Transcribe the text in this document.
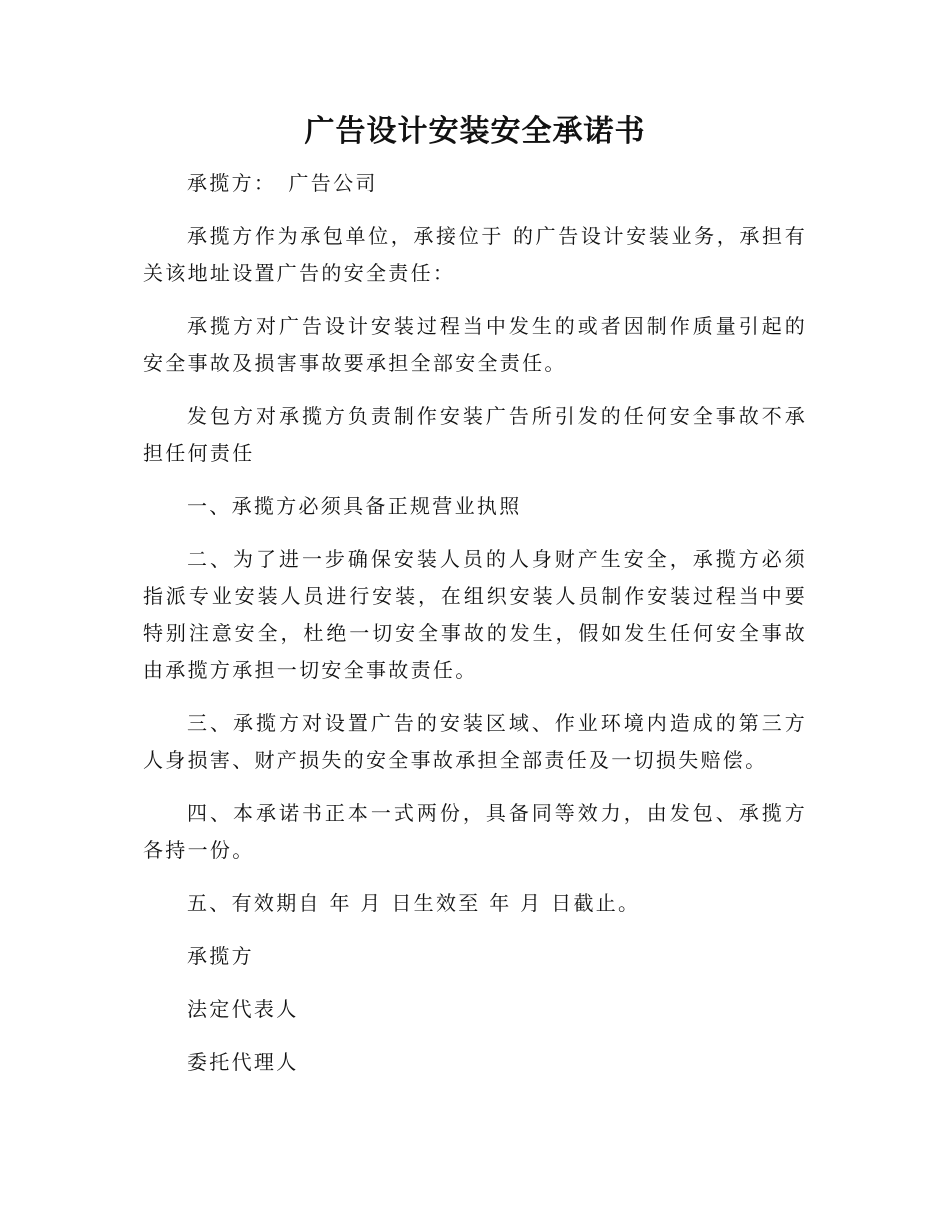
广告设计安装安全承诺书

承揽方：　广告公司

承揽方作为承包单位，承接位于 的广告设计安装业务，承担有关该地址设置广告的安全责任：

承揽方对广告设计安装过程当中发生的或者因制作质量引起的安全事故及损害事故要承担全部安全责任。

发包方对承揽方负责制作安装广告所引发的任何安全事故不承担任何责任

一、承揽方必须具备正规营业执照

二、为了进一步确保安装人员的人身财产生安全，承揽方必须指派专业安装人员进行安装，在组织安装人员制作安装过程当中要特别注意安全，杜绝一切安全事故的发生，假如发生任何安全事故由承揽方承担一切安全事故责任。

三、承揽方对设置广告的安装区域、作业环境内造成的第三方人身损害、财产损失的安全事故承担全部责任及一切损失赔偿。

四、本承诺书正本一式两份，具备同等效力，由发包、承揽方各持一份。

五、有效期自 年 月 日生效至 年 月 日截止。

承揽方

法定代表人

委托代理人
